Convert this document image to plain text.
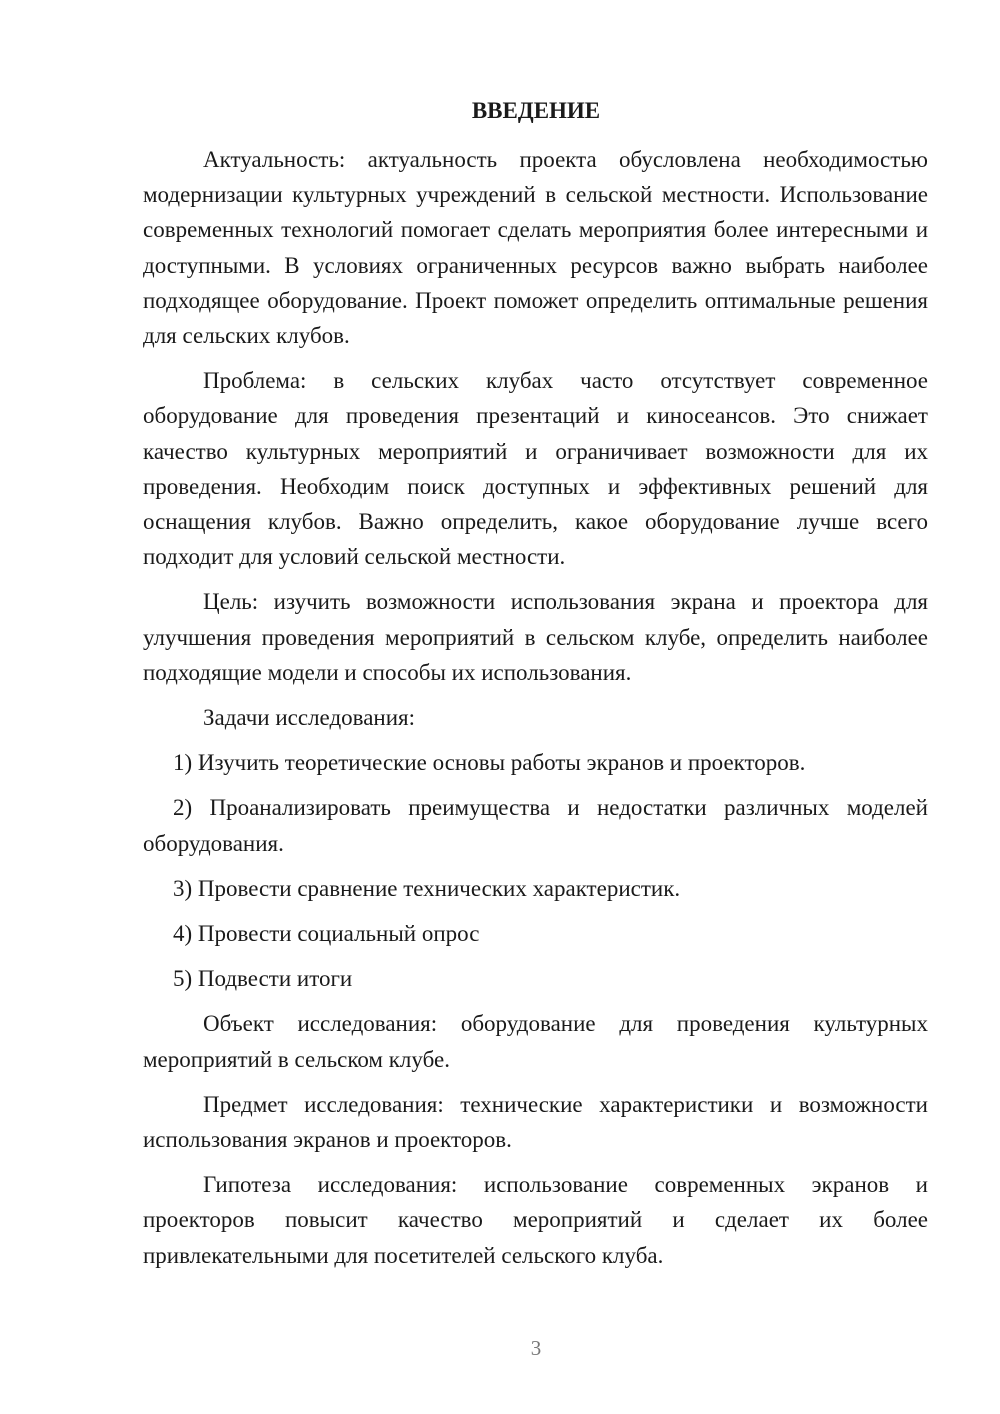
ВВЕДЕНИЕ

Актуальность: актуальность проекта обусловлена необходимостью модернизации культурных учреждений в сельской местности. Использование современных технологий помогает сделать мероприятия более интересными и доступными. В условиях ограниченных ресурсов важно выбрать наиболее подходящее оборудование. Проект поможет определить оптимальные решения для сельских клубов.

Проблема: в сельских клубах часто отсутствует современное оборудование для проведения презентаций и киносеансов. Это снижает качество культурных мероприятий и ограничивает возможности для их проведения. Необходим поиск доступных и эффективных решений для оснащения клубов. Важно определить, какое оборудование лучше всего подходит для условий сельской местности.

Цель: изучить возможности использования экрана и проектора для улучшения проведения мероприятий в сельском клубе, определить наиболее подходящие модели и способы их использования.

Задачи исследования:

1) Изучить теоретические основы работы экранов и проекторов.

2) Проанализировать преимущества и недостатки различных моделей оборудования.

3) Провести сравнение технических характеристик.

4) Провести социальный опрос

5) Подвести итоги

Объект исследования: оборудование для проведения культурных мероприятий в сельском клубе.

Предмет исследования: технические характеристики и возможности использования экранов и проекторов.

Гипотеза исследования: использование современных экранов и проекторов повысит качество мероприятий и сделает их более привлекательными для посетителей сельского клуба.

3
